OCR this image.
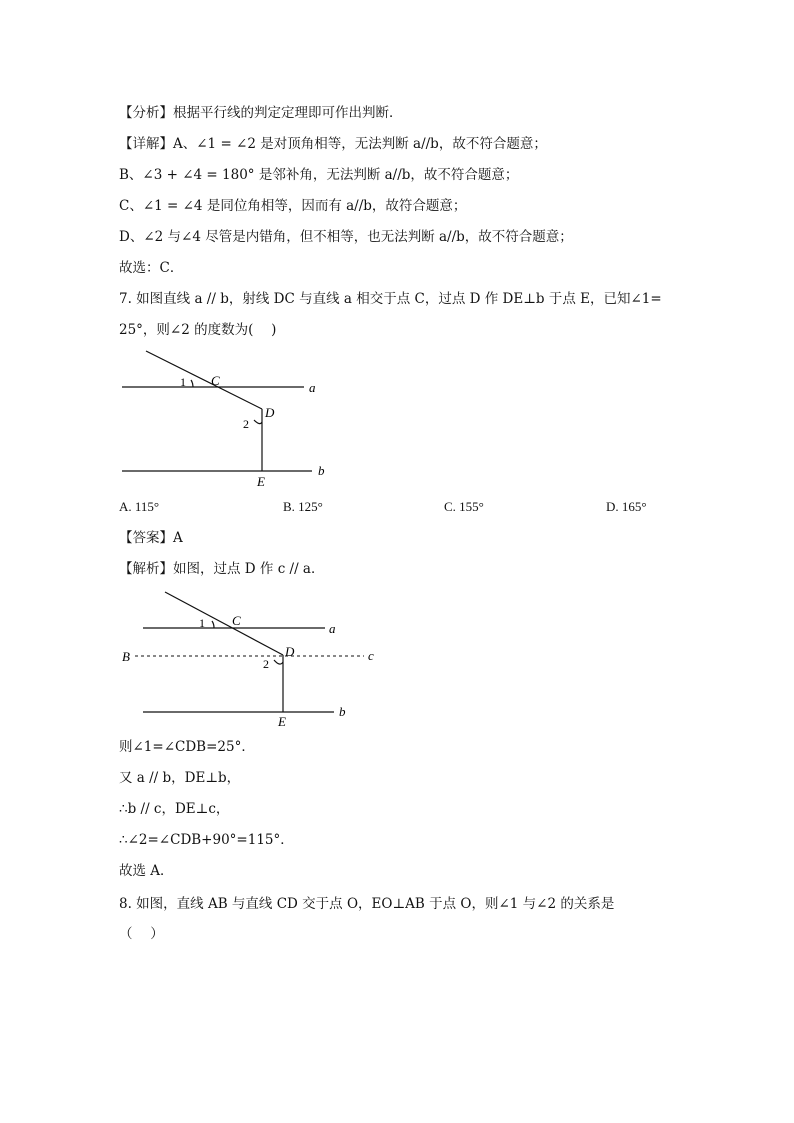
【分析】根据平行线的判定定理即可作出判断．
【详解】A、∠1 = ∠2 是对顶角相等，无法判断 a//b，故不符合题意；
B、∠3 + ∠4 = 180° 是邻补角，无法判断 a//b，故不符合题意；
C、∠1 = ∠4 是同位角相等，因而有 a//b，故符合题意；
D、∠2 与∠4 尽管是内错角，但不相等，也无法判断 a//b，故不符合题意；
故选：C．
7. 如图直线 a // b，射线 DC 与直线 a 相交于点 C，过点 D 作 DE⊥b 于点 E，已知∠1=
25°，则∠2 的度数为(　 )
1 C	a
D
2
b
E
A. 115°	B. 125°	C. 155°	D. 165°
【答案】A
【解析】如图，过点 D 作 c // a．
1 C
a
B	D	c
2
b
E
则∠1=∠CDB=25°．
又 a // b，DE⊥b，
∴b // c，DE⊥c，
∴∠2=∠CDB+90°=115°．
故选 A．
8. 如图，直线 AB 与直线 CD 交于点 O，EO⊥AB 于点 O，则∠1 与∠2 的关系是
（　 ）
